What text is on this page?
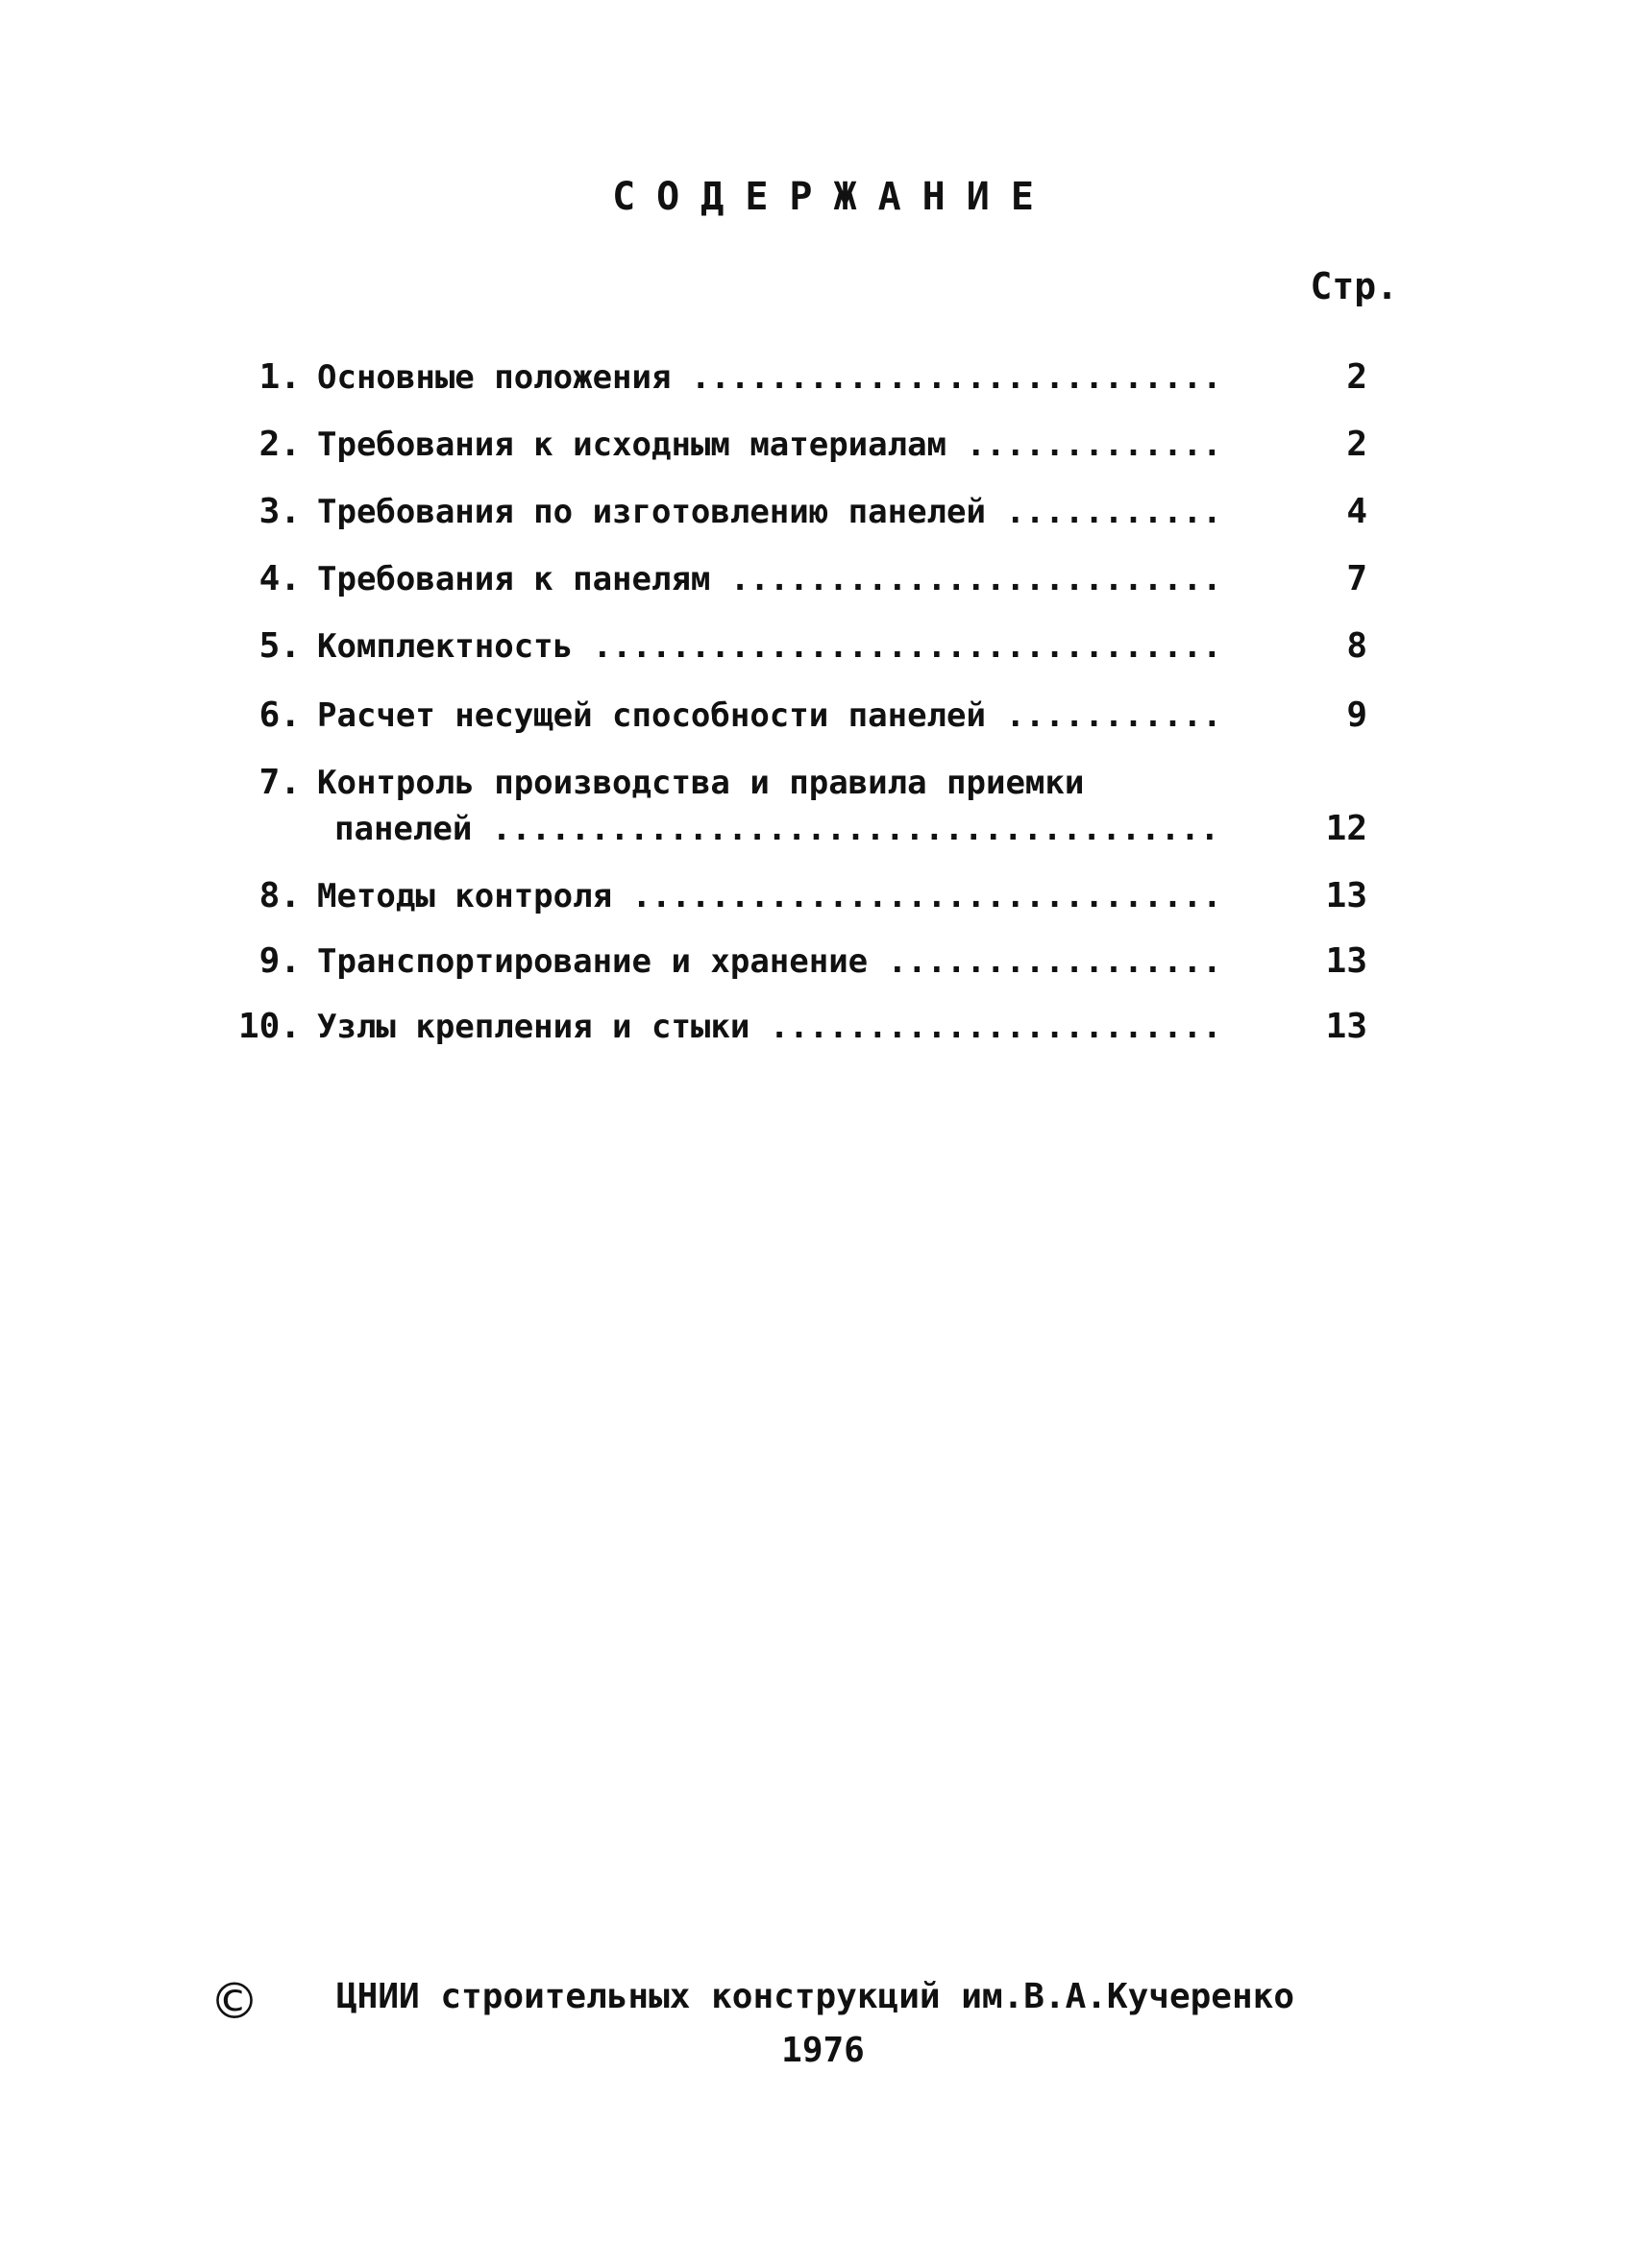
СОДЕРЖАНИЕ
Стр.
1. Основные положения .....	2
2. Требования к исходным материалам .....	2
3. Требования по изготовлению панелей .....	4
4. Требования к панелям .....	7
5. Комплектность .....	8
6. Расчет несущей способности панелей .....	9
7. Контроль производства и правила приемки
панелей .....	12
8. Методы контроля .....	13
9. Транспортирование и хранение .....	13
10. Узлы крепления и стыки .....	13
© ЦНИИ строительных конструкций им.В.А.Кучеренко
1976
